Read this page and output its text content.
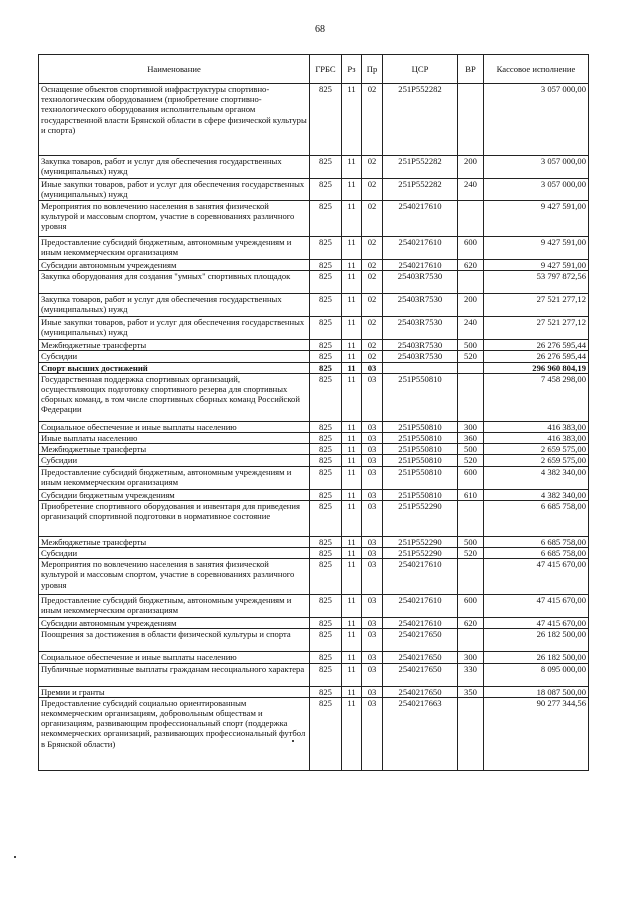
68
Наименование	ГРБС	Рз	Пр	ЦСР	ВР	Кассовое исполнение
Оснащение объектов спортивной инфраструктуры спортивно-технологическим оборудованием (приобретение спортивно-технологического оборудования исполнительным органом государственной власти Брянской области в сфере физической культуры и спорта)	825	11	02	251P552282		3 057 000,00
Закупка товаров, работ и услуг для обеспечения государственных (муниципальных) нужд	825	11	02	251P552282	200	3 057 000,00
Иные закупки товаров, работ и услуг для обеспечения государственных (муниципальных) нужд	825	11	02	251P552282	240	3 057 000,00
Мероприятия по вовлечению населения в занятия физической культурой и массовым спортом, участие в соревнованиях различного уровня	825	11	02	2540217610		9 427 591,00
Предоставление субсидий бюджетным, автономным учреждениям и иным некоммерческим организациям	825	11	02	2540217610	600	9 427 591,00
Субсидии автономным учреждениям	825	11	02	2540217610	620	9 427 591,00
Закупка оборудования для создания "умных" спортивных площадок	825	11	02	25403R7530		53 797 872,56
Закупка товаров, работ и услуг для обеспечения государственных (муниципальных) нужд	825	11	02	25403R7530	200	27 521 277,12
Иные закупки товаров, работ и услуг для обеспечения государственных (муниципальных) нужд	825	11	02	25403R7530	240	27 521 277,12
Межбюджетные трансферты	825	11	02	25403R7530	500	26 276 595,44
Субсидии	825	11	02	25403R7530	520	26 276 595,44
Спорт высших достижений	825	11	03			296 960 804,19
Государственная поддержка спортивных организаций, осуществляющих подготовку спортивного резерва для спортивных сборных команд, в том числе спортивных сборных команд Российской Федерации	825	11	03	251P550810		7 458 298,00
Социальное обеспечение и иные выплаты населению	825	11	03	251P550810	300	416 383,00
Иные выплаты населению	825	11	03	251P550810	360	416 383,00
Межбюджетные трансферты	825	11	03	251P550810	500	2 659 575,00
Субсидии	825	11	03	251P550810	520	2 659 575,00
Предоставление субсидий бюджетным, автономным учреждениям и иным некоммерческим организациям	825	11	03	251P550810	600	4 382 340,00
Субсидии бюджетным учреждениям	825	11	03	251P550810	610	4 382 340,00
Приобретение спортивного оборудования и инвентаря для приведения организаций спортивной подготовки в нормативное состояние	825	11	03	251P552290		6 685 758,00
Межбюджетные трансферты	825	11	03	251P552290	500	6 685 758,00
Субсидии	825	11	03	251P552290	520	6 685 758,00
Мероприятия по вовлечению населения в занятия физической культурой и массовым спортом, участие в соревнованиях различного уровня	825	11	03	2540217610		47 415 670,00
Предоставление субсидий бюджетным, автономным учреждениям и иным некоммерческим организациям	825	11	03	2540217610	600	47 415 670,00
Субсидии автономным учреждениям	825	11	03	2540217610	620	47 415 670,00
Поощрения за достижения в области физической культуры и спорта	825	11	03	2540217650		26 182 500,00
Социальное обеспечение и иные выплаты населению	825	11	03	2540217650	300	26 182 500,00
Публичные нормативные выплаты гражданам несоциального характера	825	11	03	2540217650	330	8 095 000,00
Премии и гранты	825	11	03	2540217650	350	18 087 500,00
Предоставление субсидий социально ориентированным некоммерческим организациям, добровольным обществам и организациям, развивающим профессиональный спорт (поддержка некоммерческих организаций, развивающих профессиональный футбол в Брянской области)	825	11	03	2540217663		90 277 344,56
